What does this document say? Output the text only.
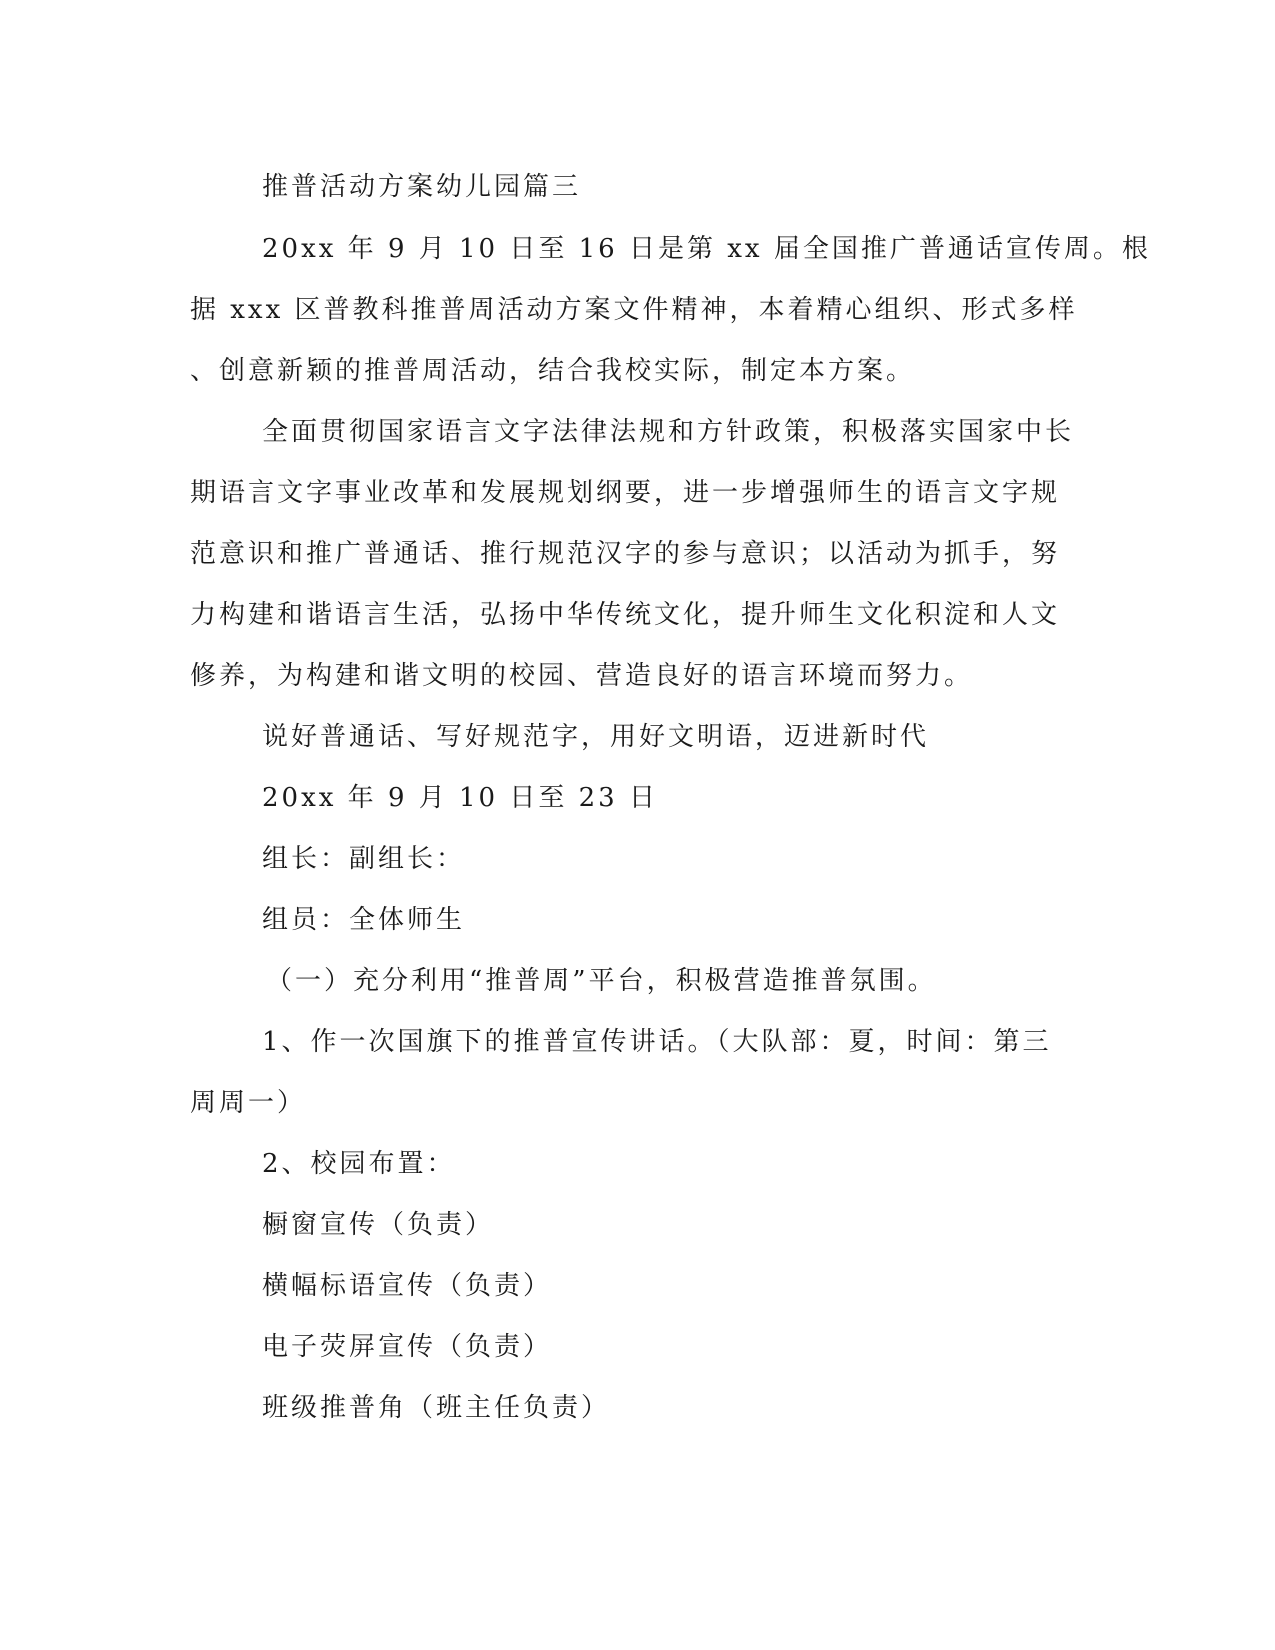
推普活动方案幼儿园篇三
20xx 年 9 月 10 日至 16 日是第 xx 届全国推广普通话宣传周。根
据 xxx 区普教科推普周活动方案文件精神，本着精心组织、形式多样
、创意新颖的推普周活动，结合我校实际，制定本方案。
全面贯彻国家语言文字法律法规和方针政策，积极落实国家中长
期语言文字事业改革和发展规划纲要，进一步增强师生的语言文字规
范意识和推广普通话、推行规范汉字的参与意识；以活动为抓手，努
力构建和谐语言生活，弘扬中华传统文化，提升师生文化积淀和人文
修养，为构建和谐文明的校园、营造良好的语言环境而努力。
说好普通话、写好规范字，用好文明语，迈进新时代
20xx 年 9 月 10 日至 23 日
组长：副组长：
组员：全体师生
（一）充分利用“推普周”平台，积极营造推普氛围。
1、作一次国旗下的推普宣传讲话。（大队部：夏，时间：第三
周周一）
2、校园布置：
橱窗宣传（负责）
横幅标语宣传（负责）
电子荧屏宣传（负责）
班级推普角（班主任负责）
